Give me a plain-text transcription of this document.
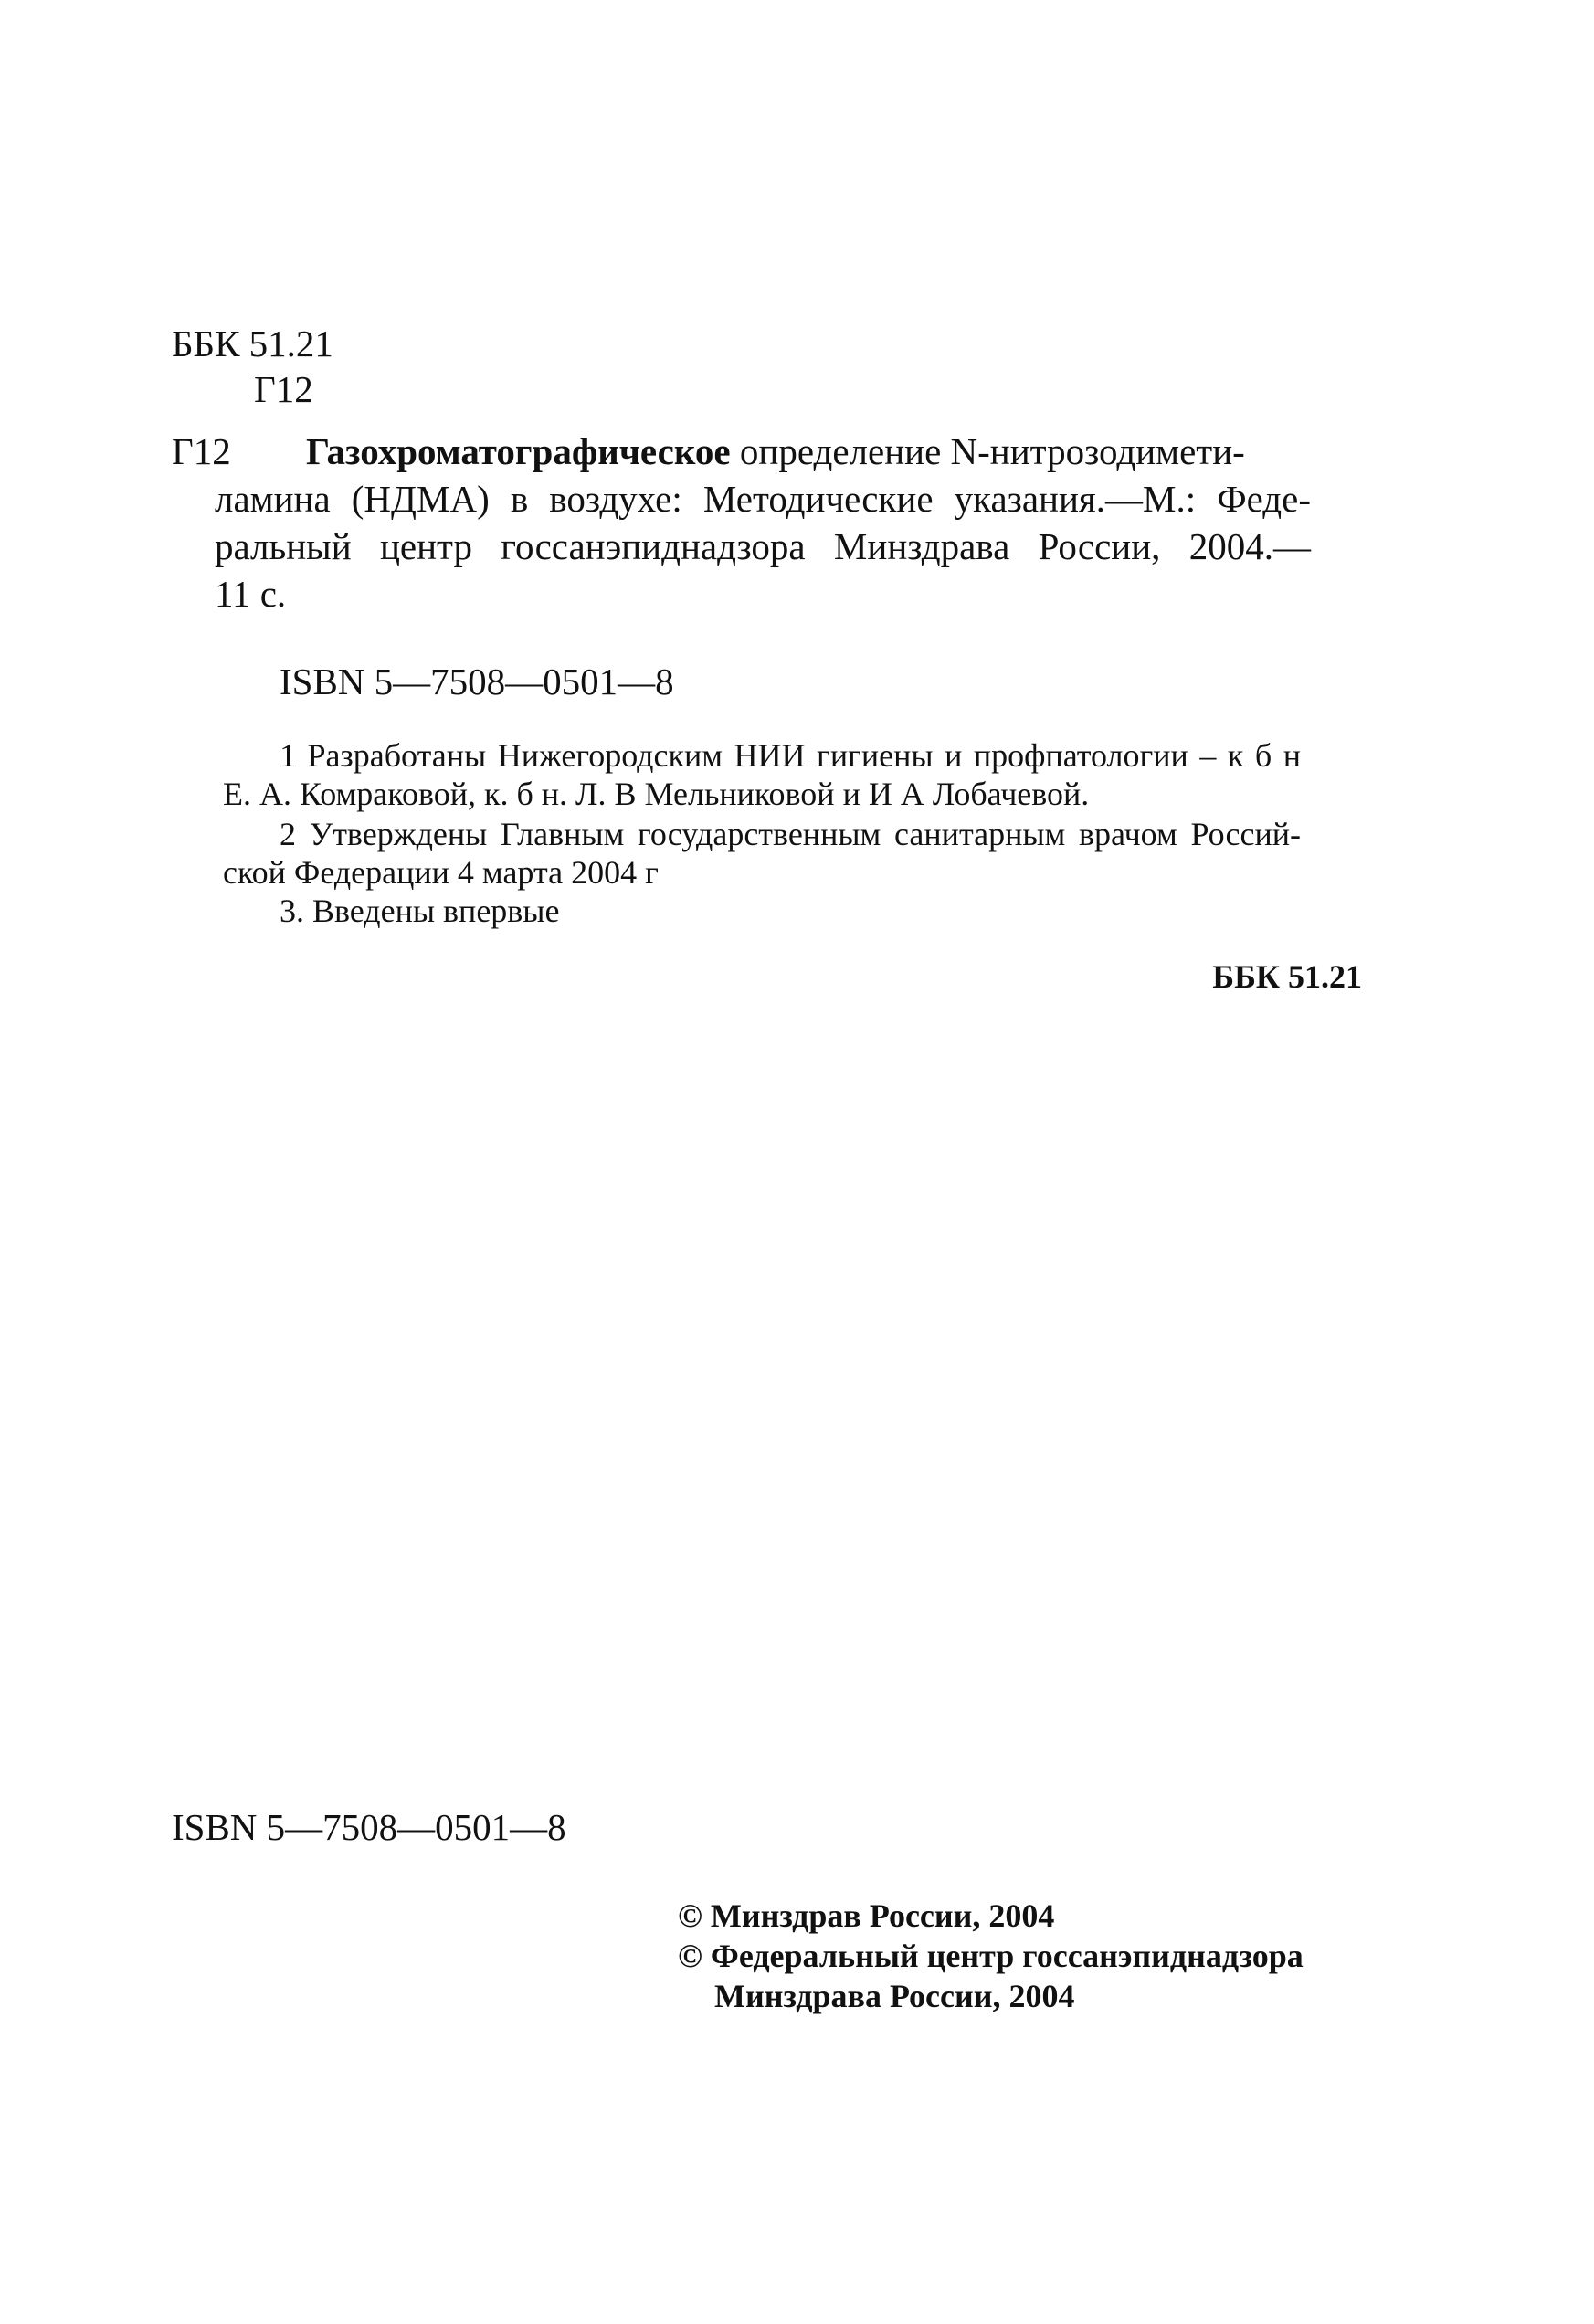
ББК 51.21
Г12
Г12 Газохроматографическое определение N-нитрозодимети-
ламина (НДМА) в воздухе: Методические указания.—М.: Феде-
ральный центр госсанэпиднадзора Минздрава России, 2004.—
11 с.
ISBN 5—7508—0501—8
1 Разработаны Нижегородским НИИ гигиены и профпатологии – к б н
Е. А. Комраковой, к. б н. Л. В Мельниковой и И А Лобачевой.
2 Утверждены Главным государственным санитарным врачом Россий-
ской Федерации 4 марта 2004 г
3. Введены впервые
ББК 51.21
ISBN 5—7508—0501—8
© Минздрав России, 2004
© Федеральный центр госсанэпиднадзора
Минздрава России, 2004
